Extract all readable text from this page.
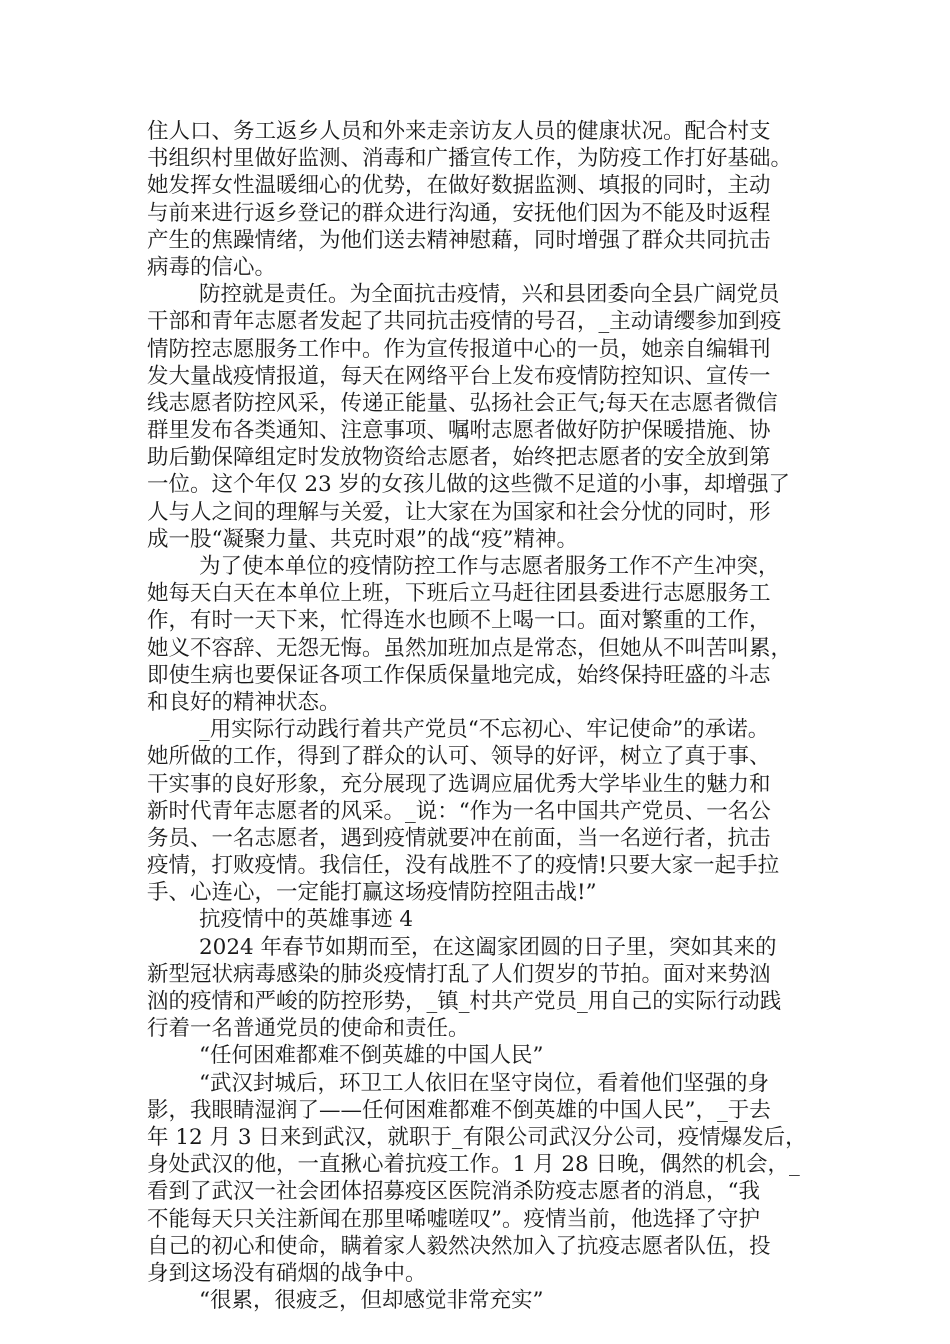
住人口、务工返乡人员和外来走亲访友人员的健康状况。配合村支
书组织村里做好监测、消毒和广播宣传工作，为防疫工作打好基础。
她发挥女性温暖细心的优势，在做好数据监测、填报的同时，主动
与前来进行返乡登记的群众进行沟通，安抚他们因为不能及时返程
产生的焦躁情绪，为他们送去精神慰藉，同时增强了群众共同抗击
病毒的信心。
防控就是责任。为全面抗击疫情，兴和县团委向全县广阔党员
干部和青年志愿者发起了共同抗击疫情的号召，_主动请缨参加到疫
情防控志愿服务工作中。作为宣传报道中心的一员，她亲自编辑刊
发大量战疫情报道，每天在网络平台上发布疫情防控知识、宣传一
线志愿者防控风采，传递正能量、弘扬社会正气;每天在志愿者微信
群里发布各类通知、注意事项、嘱咐志愿者做好防护保暖措施、协
助后勤保障组定时发放物资给志愿者，始终把志愿者的安全放到第
一位。这个年仅 23 岁的女孩儿做的这些微不足道的小事，却增强了
人与人之间的理解与关爱，让大家在为国家和社会分忧的同时，形
成一股“凝聚力量、共克时艰”的战“疫”精神。
为了使本单位的疫情防控工作与志愿者服务工作不产生冲突，
她每天白天在本单位上班，下班后立马赶往团县委进行志愿服务工
作，有时一天下来，忙得连水也顾不上喝一口。面对繁重的工作，
她义不容辞、无怨无悔。虽然加班加点是常态，但她从不叫苦叫累，
即使生病也要保证各项工作保质保量地完成，始终保持旺盛的斗志
和良好的精神状态。
_用实际行动践行着共产党员“不忘初心、牢记使命”的承诺。
她所做的工作，得到了群众的认可、领导的好评，树立了真于事、
干实事的良好形象，充分展现了选调应届优秀大学毕业生的魅力和
新时代青年志愿者的风采。_说：“作为一名中国共产党员、一名公
务员、一名志愿者，遇到疫情就要冲在前面，当一名逆行者，抗击
疫情，打败疫情。我信任，没有战胜不了的疫情!只要大家一起手拉
手、心连心，一定能打赢这场疫情防控阻击战!”
抗疫情中的英雄事迹 4
2024 年春节如期而至，在这阖家团圆的日子里，突如其来的
新型冠状病毒感染的肺炎疫情打乱了人们贺岁的节拍。面对来势汹
汹的疫情和严峻的防控形势，_镇_村共产党员_用自己的实际行动践
行着一名普通党员的使命和责任。
“任何困难都难不倒英雄的中国人民”
“武汉封城后，环卫工人依旧在坚守岗位，看着他们坚强的身
影，我眼睛湿润了——任何困难都难不倒英雄的中国人民”，_于去
年 12 月 3 日来到武汉，就职于_有限公司武汉分公司，疫情爆发后，
身处武汉的他，一直揪心着抗疫工作。1 月 28 日晚，偶然的机会，_
看到了武汉一社会团体招募疫区医院消杀防疫志愿者的消息，“我
不能每天只关注新闻在那里唏嘘嗟叹”。疫情当前，他选择了守护
自己的初心和使命，瞒着家人毅然决然加入了抗疫志愿者队伍，投
身到这场没有硝烟的战争中。
“很累，很疲乏，但却感觉非常充实”
